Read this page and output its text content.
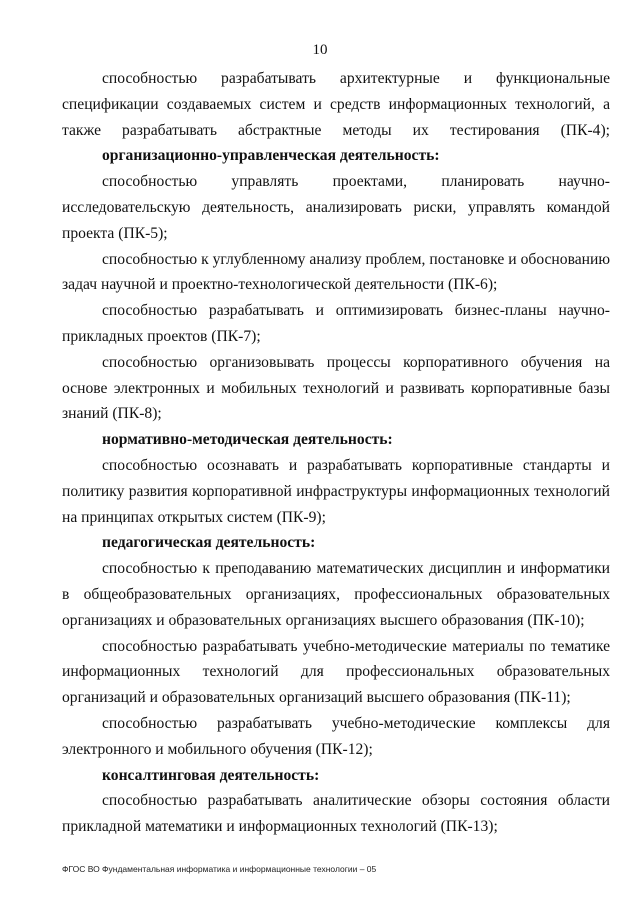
10

способностью разрабатывать архитектурные и функциональные спецификации создаваемых систем и средств информационных технологий, а также разрабатывать абстрактные методы их тестирования (ПК-4);

организационно-управленческая деятельность:

способностью управлять проектами, планировать научно-исследовательскую деятельность, анализировать риски, управлять командой проекта (ПК-5);

способностью к углубленному анализу проблем, постановке и обоснованию задач научной и проектно-технологической деятельности (ПК-6);

способностью разрабатывать и оптимизировать бизнес-планы научно-прикладных проектов (ПК-7);

способностью организовывать процессы корпоративного обучения на основе электронных и мобильных технологий и развивать корпоративные базы знаний (ПК-8);

нормативно-методическая деятельность:

способностью осознавать и разрабатывать корпоративные стандарты и политику развития корпоративной инфраструктуры информационных технологий на принципах открытых систем (ПК-9);

педагогическая деятельность:

способностью к преподаванию математических дисциплин и информатики в общеобразовательных организациях, профессиональных образовательных организациях и образовательных организациях высшего образования (ПК-10);

способностью разрабатывать учебно-методические материалы по тематике информационных технологий для профессиональных образовательных организаций и образовательных организаций высшего образования (ПК-11);

способностью разрабатывать учебно-методические комплексы для электронного и мобильного обучения (ПК-12);

консалтинговая деятельность:

способностью разрабатывать аналитические обзоры состояния области прикладной математики и информационных технологий (ПК-13);

ФГОС ВО Фундаментальная информатика и информационные технологии – 05
